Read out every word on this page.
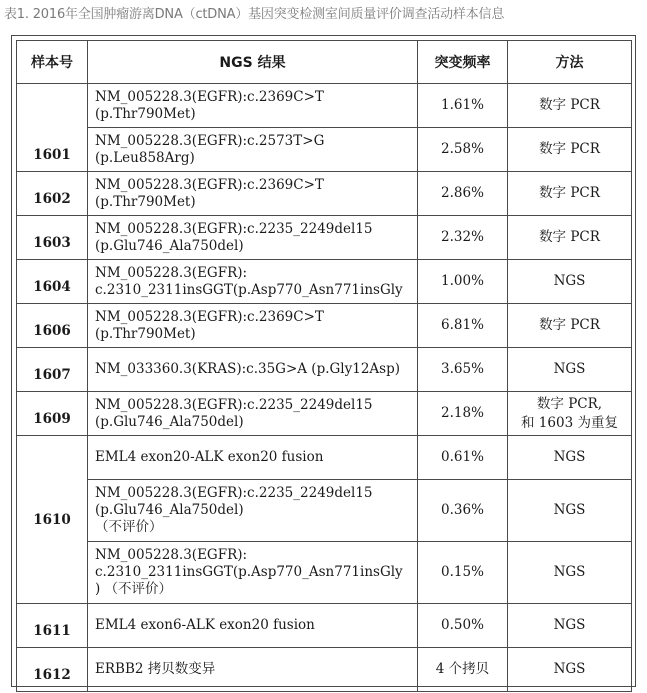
表1. 2016年全国肿瘤游离DNA（ctDNA）基因突变检测室间质量评价调查活动样本信息
样本号	NGS 结果	突变频率	方法
1601	NM_005228.3(EGFR):c.2369C>T
(p.Thr790Met)	1.61%	数字 PCR

	NM_005228.3(EGFR):c.2573T>G
(p.Leu858Arg)	2.58%	数字 PCR

1602	NM_005228.3(EGFR):c.2369C>T
(p.Thr790Met)	2.86%	数字 PCR

1603	NM_005228.3(EGFR):c.2235_2249del15
(p.Glu746_Ala750del)	2.32%	数字 PCR

1604	NM_005228.3(EGFR):
c.2310_2311insGGT(p.Asp770_Asn771insGly	1.00%	NGS

1606	NM_005228.3(EGFR):c.2369C>T
(p.Thr790Met)	6.81%	数字 PCR

1607	NM_033360.3(KRAS):c.35G>A (p.Gly12Asp)	3.65%	NGS

1609	NM_005228.3(EGFR):c.2235_2249del15
(p.Glu746_Ala750del)	2.18%	数字 PCR,
和 1603 为重复

1610	EML4 exon20-ALK exon20 fusion	0.61%	NGS

	NM_005228.3(EGFR):c.2235_2249del15
(p.Glu746_Ala750del)
（不评价）	0.36%	NGS

	NM_005228.3(EGFR):
c.2310_2311insGGT(p.Asp770_Asn771insGly
) （不评价）	0.15%	NGS

1611	EML4 exon6-ALK exon20 fusion	0.50%	NGS

1612	ERBB2 拷贝数变异	4 个拷贝	NGS
